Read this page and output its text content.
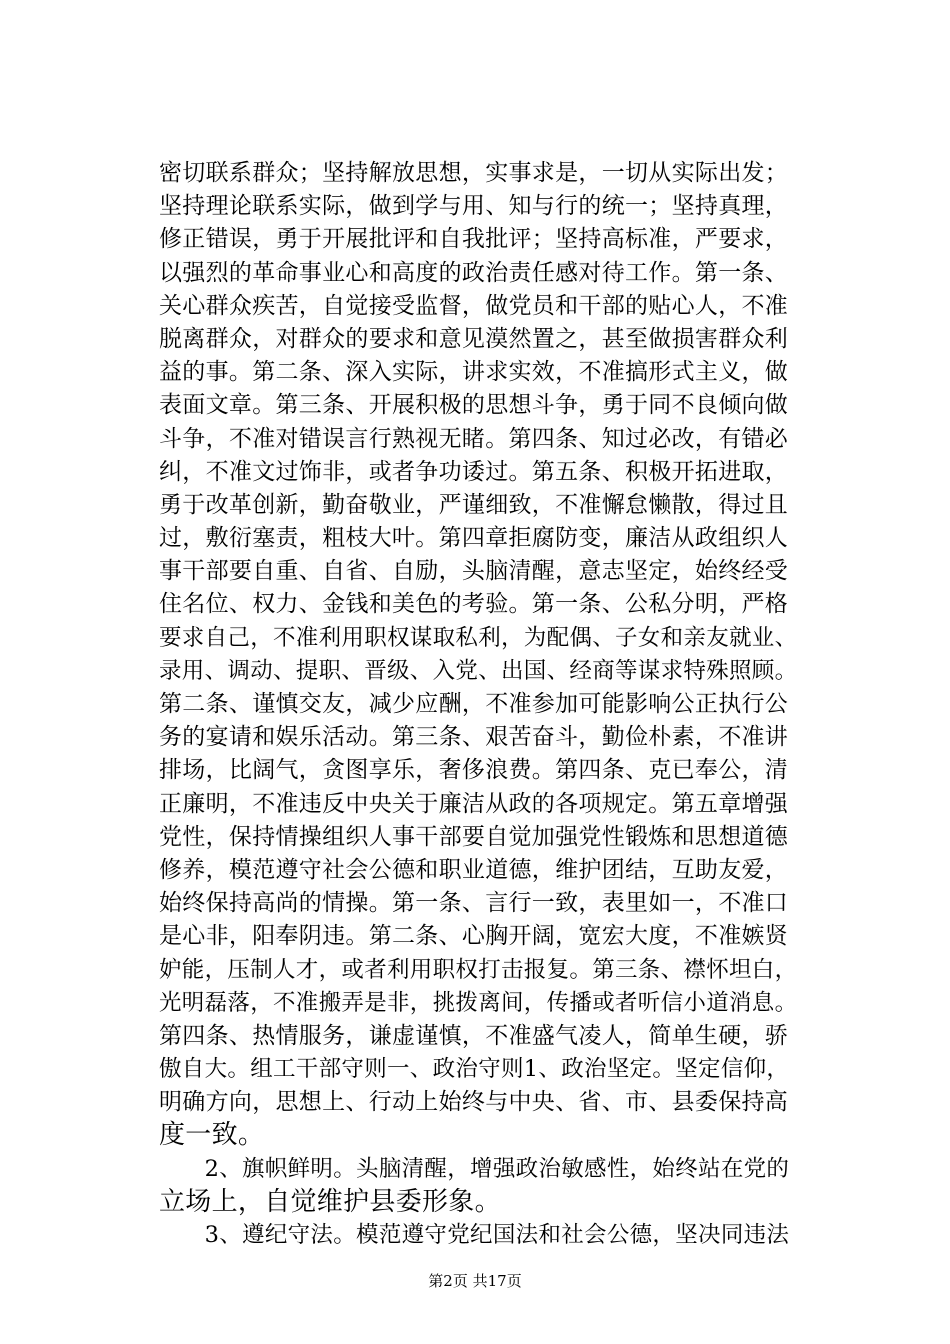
密切联系群众；坚持解放思想，实事求是，一切从实际出发；
坚持理论联系实际，做到学与用、知与行的统一；坚持真理，
修正错误，勇于开展批评和自我批评；坚持高标准，严要求，
以强烈的革命事业心和高度的政治责任感对待工作。第一条、
关心群众疾苦，自觉接受监督，做党员和干部的贴心人，不准
脱离群众，对群众的要求和意见漠然置之，甚至做损害群众利
益的事。第二条、深入实际，讲求实效，不准搞形式主义，做
表面文章。第三条、开展积极的思想斗争，勇于同不良倾向做
斗争，不准对错误言行熟视无睹。第四条、知过必改，有错必
纠，不准文过饰非，或者争功诿过。第五条、积极开拓进取，
勇于改革创新，勤奋敬业，严谨细致，不准懈怠懒散，得过且
过，敷衍塞责，粗枝大叶。第四章拒腐防变，廉洁从政组织人
事干部要自重、自省、自励，头脑清醒，意志坚定，始终经受
住名位、权力、金钱和美色的考验。第一条、公私分明，严格
要求自己，不准利用职权谋取私利，为配偶、子女和亲友就业、
录用、调动、提职、晋级、入党、出国、经商等谋求特殊照顾。
第二条、谨慎交友，减少应酬，不准参加可能影响公正执行公
务的宴请和娱乐活动。第三条、艰苦奋斗，勤俭朴素，不准讲
排场，比阔气，贪图享乐，奢侈浪费。第四条、克已奉公，清
正廉明，不准违反中央关于廉洁从政的各项规定。第五章增强
党性，保持情操组织人事干部要自觉加强党性锻炼和思想道德
修养，模范遵守社会公德和职业道德，维护团结，互助友爱，
始终保持高尚的情操。第一条、言行一致，表里如一，不准口
是心非，阳奉阴违。第二条、心胸开阔，宽宏大度，不准嫉贤
妒能，压制人才，或者利用职权打击报复。第三条、襟怀坦白，
光明磊落，不准搬弄是非，挑拨离间，传播或者听信小道消息。
第四条、热情服务，谦虚谨慎，不准盛气凌人，简单生硬，骄
傲自大。组工干部守则一、政治守则1、政治坚定。坚定信仰，
明确方向，思想上、行动上始终与中央、省、市、县委保持高
度一致。
　　2、旗帜鲜明。头脑清醒，增强政治敏感性，始终站在党的
立场上，自觉维护县委形象。
　　3、遵纪守法。模范遵守党纪国法和社会公德，坚决同违法
第2页 共17页
